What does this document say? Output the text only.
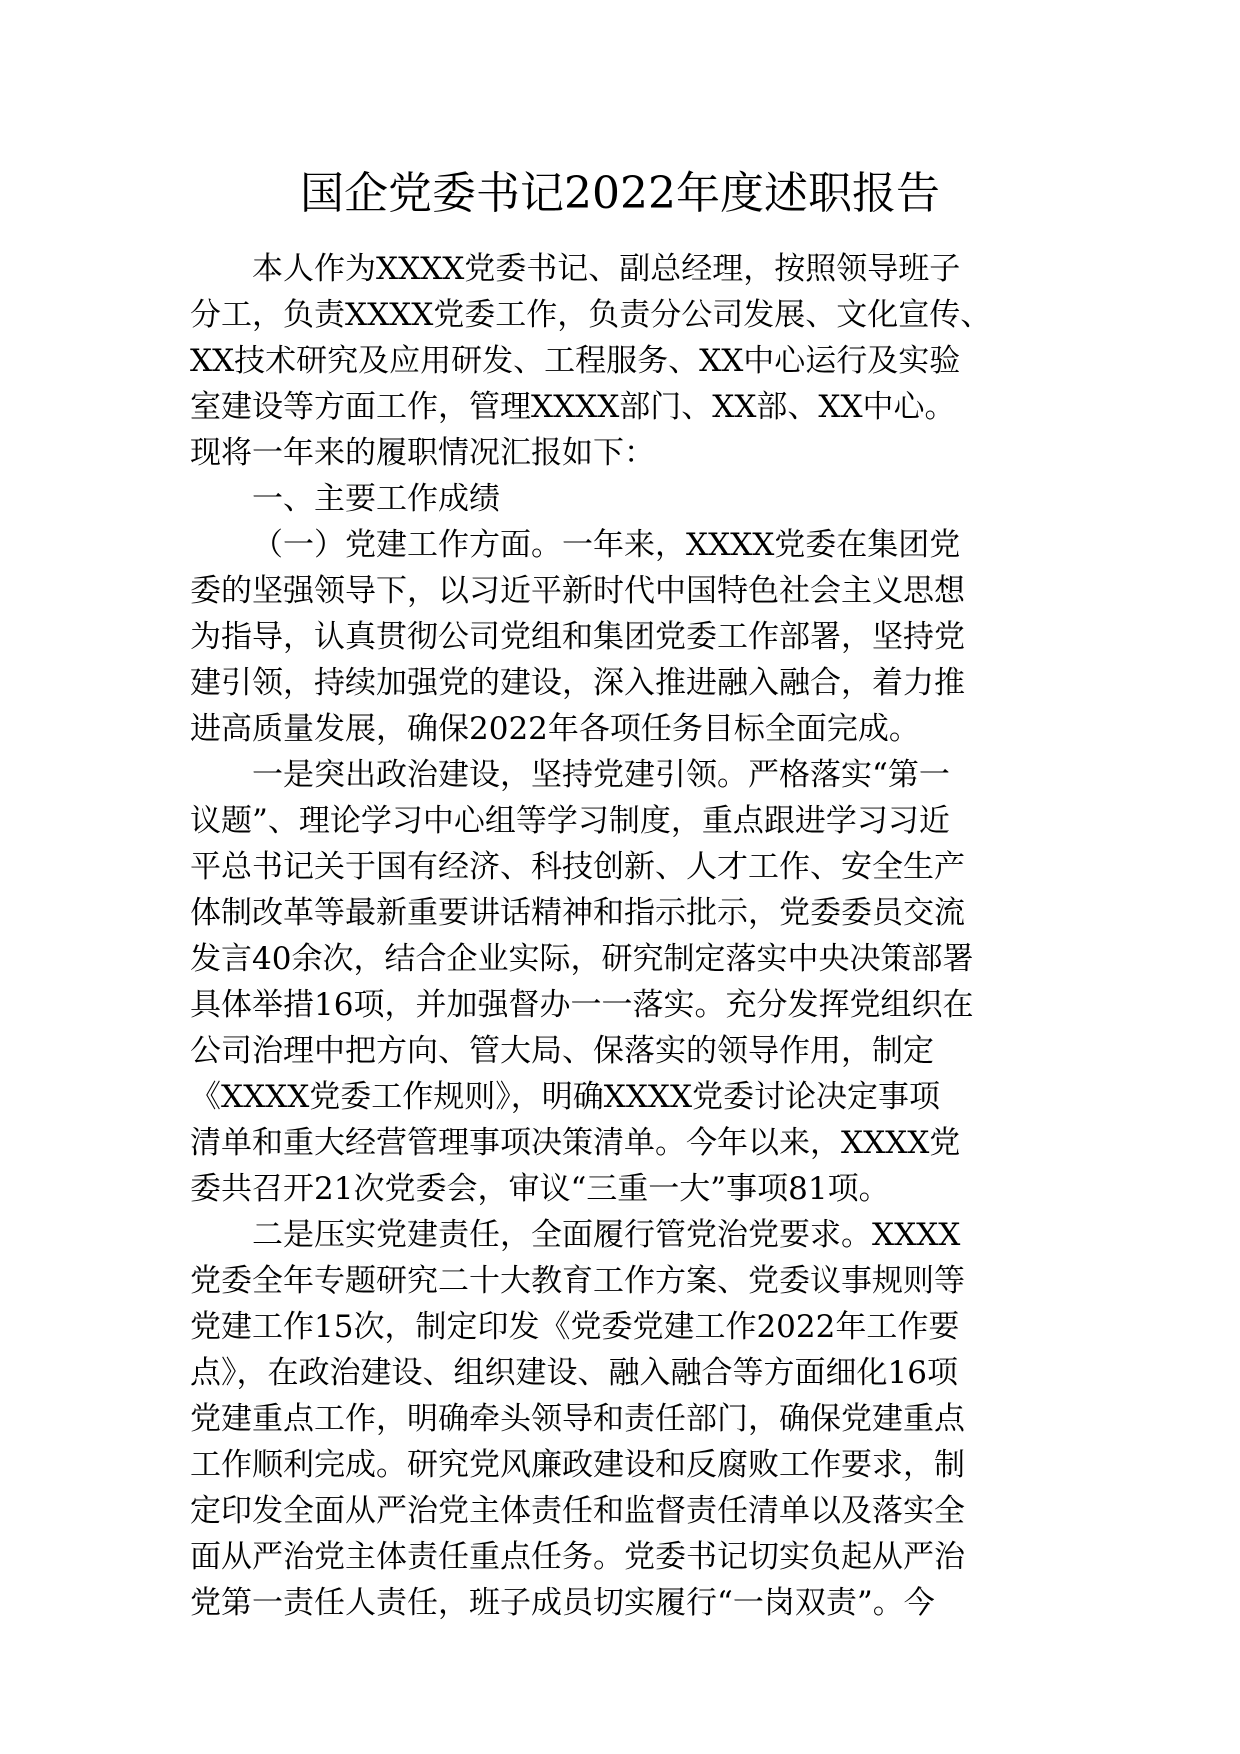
国企党委书记2022年度述职报告
本人作为XXXX党委书记、副总经理，按照领导班子
分工，负责XXXX党委工作，负责分公司发展、文化宣传、
XX技术研究及应用研发、工程服务、XX中心运行及实验
室建设等方面工作，管理XXXX部门、XX部、XX中心。
现将一年来的履职情况汇报如下：
一、主要工作成绩
（一）党建工作方面。一年来，XXXX党委在集团党
委的坚强领导下，以习近平新时代中国特色社会主义思想
为指导，认真贯彻公司党组和集团党委工作部署，坚持党
建引领，持续加强党的建设，深入推进融入融合，着力推
进高质量发展，确保2022年各项任务目标全面完成。
一是突出政治建设，坚持党建引领。严格落实“第一
议题”、理论学习中心组等学习制度，重点跟进学习习近
平总书记关于国有经济、科技创新、人才工作、安全生产
体制改革等最新重要讲话精神和指示批示，党委委员交流
发言40余次，结合企业实际，研究制定落实中央决策部署
具体举措16项，并加强督办一一落实。充分发挥党组织在
公司治理中把方向、管大局、保落实的领导作用，制定
《XXXX党委工作规则》，明确XXXX党委讨论决定事项
清单和重大经营管理事项决策清单。今年以来，XXXX党
委共召开21次党委会，审议“三重一大”事项81项。
二是压实党建责任，全面履行管党治党要求。XXXX
党委全年专题研究二十大教育工作方案、党委议事规则等
党建工作15次，制定印发《党委党建工作2022年工作要
点》，在政治建设、组织建设、融入融合等方面细化16项
党建重点工作，明确牵头领导和责任部门，确保党建重点
工作顺利完成。研究党风廉政建设和反腐败工作要求，制
定印发全面从严治党主体责任和监督责任清单以及落实全
面从严治党主体责任重点任务。党委书记切实负起从严治
党第一责任人责任，班子成员切实履行“一岗双责”。今
